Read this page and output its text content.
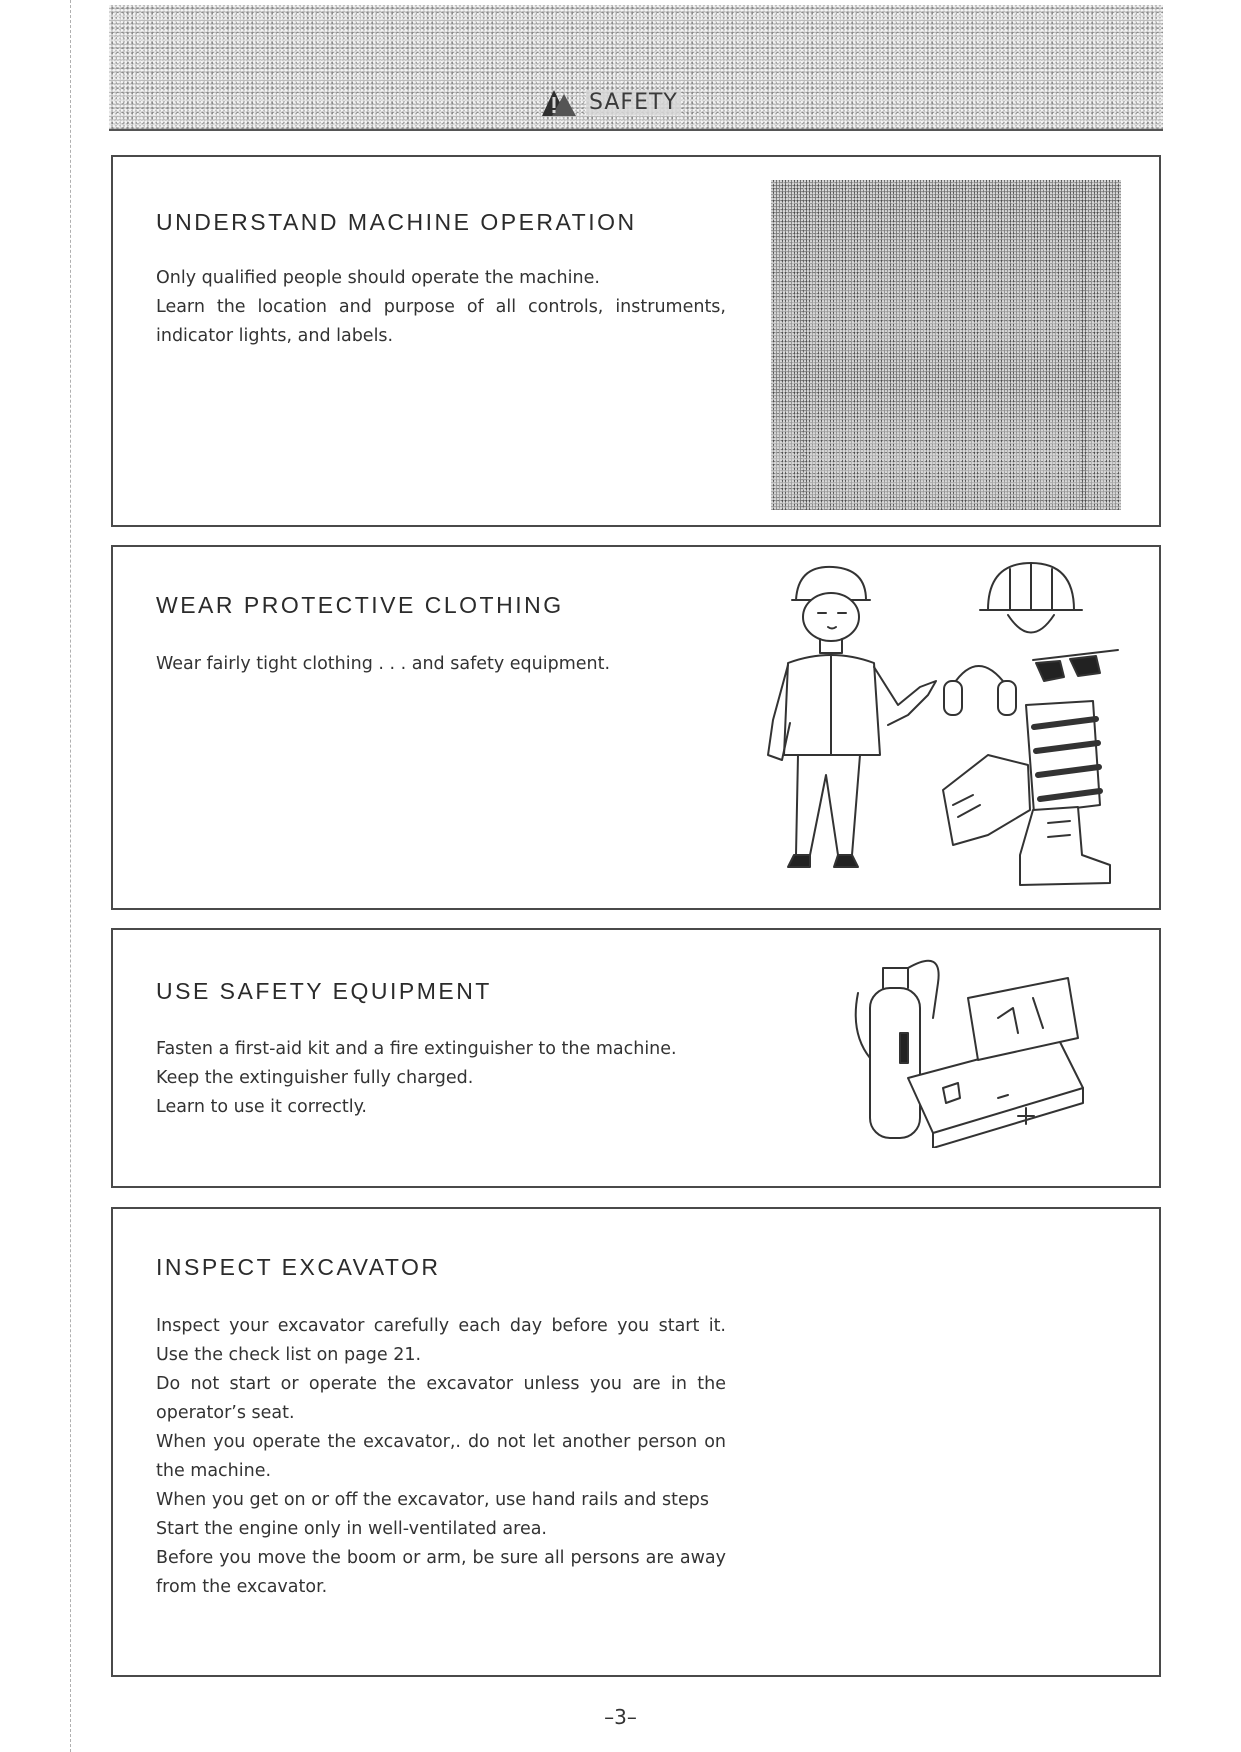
SAFETY
UNDERSTAND MACHINE OPERATION

Only qualified people should operate the machine.

Learn the location and purpose of all controls, instruments, indicator lights, and labels.

WEAR PROTECTIVE CLOTHING

Wear fairly tight clothing . . . and safety equipment.

USE SAFETY EQUIPMENT

Fasten a first-aid kit and a fire extinguisher to the machine.

Keep the extinguisher fully charged.

Learn to use it correctly.

INSPECT EXCAVATOR

Inspect your excavator carefully each day before you start it. Use the check list on page 21.

Do not start or operate the excavator unless you are in the operator’s seat.

When you operate the excavator,. do not let another person on the machine.

When you get on or off the excavator, use hand rails and steps

Start the engine only in well-ventilated area.

Before you move the boom or arm, be sure all persons are away from the excavator.

–3–
